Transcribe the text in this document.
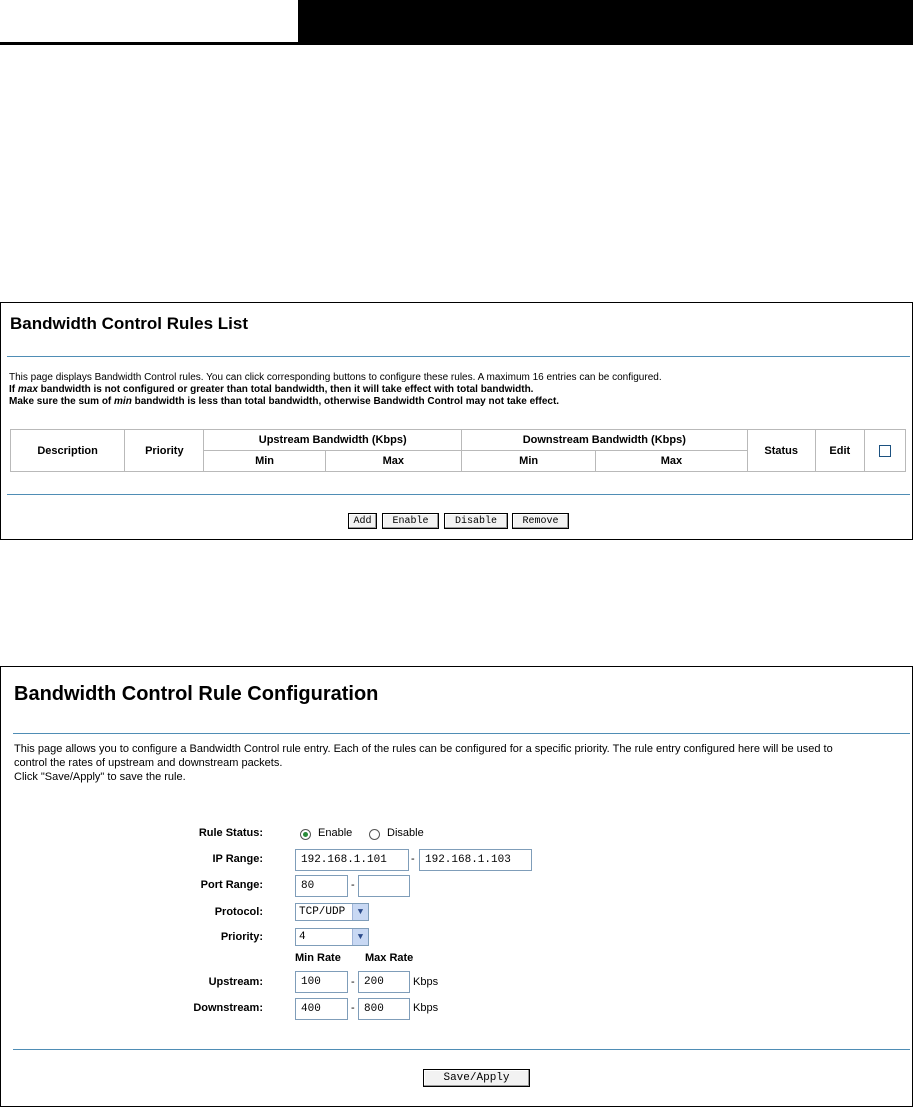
Bandwidth Control Rules List
This page displays Bandwidth Control rules. You can click corresponding buttons to configure these rules. A maximum 16 entries can be configured.
If max bandwidth is not configured or greater than total bandwidth, then it will take effect with total bandwidth.
Make sure the sum of min bandwidth is less than total bandwidth, otherwise Bandwidth Control may not take effect.
Description	Priority	Upstream Bandwidth (Kbps)		Downstream Bandwidth (Kbps)		Status	Edit	
		Min	Max	Min	Max			
Add	Enable	Disable	Remove
Bandwidth Control Rule Configuration
This page allows you to configure a Bandwidth Control rule entry. Each of the rules can be configured for a specific priority. The rule entry configured here will be used to
control the rates of upstream and downstream packets.
Click "Save/Apply" to save the rule.
Rule Status:	Enable	Disable
IP Range:	192.168.1.101	- 192.168.1.103
Port Range:	80	-
Protocol:	TCP/UDP	▼
Priority:	4	▼
Min Rate Max Rate
Upstream:	100	- 200	Kbps
Downstream:	400	- 800	Kbps
Save/Apply
